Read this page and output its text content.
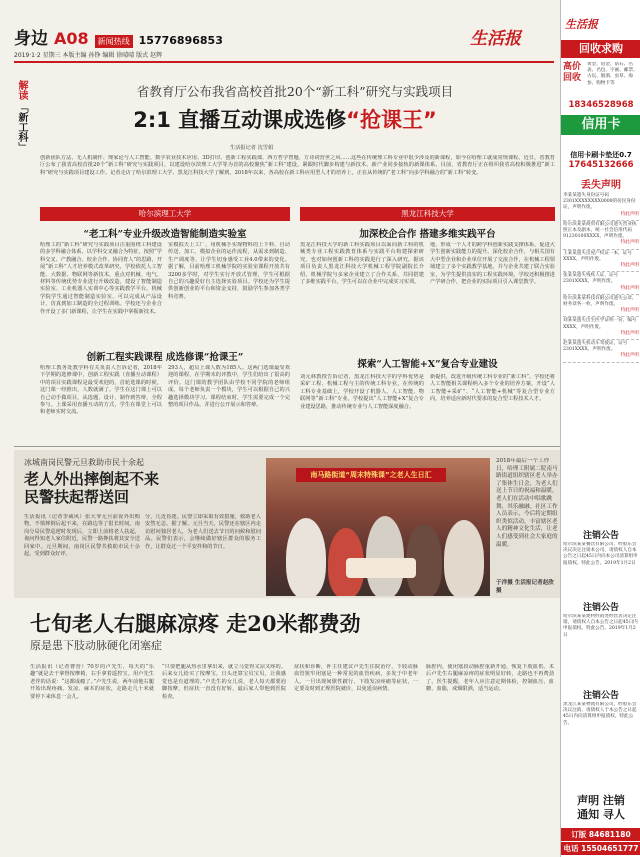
身边 A08	新闻热线 15776896853
2019·1·2 星期三 本版主编 孙铮 编辑 徐晴晴 版式 赵辉
生活报
解读
「新工科」
省教育厅公布我省高校首批20个“新工科”研究与实践项目
2:1 直播互动课成选修“抢课王”
生活报记者 沈雪娟
创新团队方法、无人机制作、理家论与人工智能、数字农业技术应用、3D打印、创新工程实践课、西方哲学智题、方诗词营世之风……这些在传统理工科专业中很少涉及的新课程，如今在哈理工就成常规课程。近日，省教育厅公布了我省高校首批20个“新工科”研究与实践项目，以建设哈尔滨理工大学等为首的高校聚焦“新工科”建设，紧跟时代脚步构建与新技术、新产业同步接轨的新课体系。目前，省教育厅正在组织我省高校积极推进“新工科”研究与实践项目建设工作。记者走访了哈尔滨理工大学、黑龙江科技大学了解到，2018年以来，各高校在新工科应用型人才的培养上，正在从传统的“老工科”向多学科融合的“新工科”转变。
哈尔滨理工大学
“老工科”专业升级改造智能制造实验室
哈理工的“新工科”研究与实践项目注重围绕工科建设的多学科融合体系，以学科交叉融合为特征，按照“学科交叉、产教融合、校企合作、协同育人”的思路，开展“新工科”人才培养模式改革研究。学校依托人工智能、大数据、物联网等新技术，重点对机械、电气、材料等传统优势专业进行升级改造，建设了智能制造实验室、工业机器人实训中心等实践教学平台。机械学院学生通过智能制造实验室，可以完成从产品设计、仿真到加工制造的全过程训练。学校还与企业合作开设了多门新课程，让学生在实践中掌握新技术。
室模拟天上工厂，用机械手实现物料的上下料、自动传送、加工、模拟企业的运作流程，从需求到制造、生产调度等，让学生切身感受工业4.0带来的变化。据了解，目前哈理工机械学院的实验室课程开放共有3200多学时，对学生实行开放式管理，学生可根据自己的兴趣爱好自主选择实验项目。学校还为学生提供创新创业的平台和资金支持，鼓励学生参加各类学科竞赛。
创新工程实践课程 成选修课“抢课王”
哈理工教务处教学科有关负责人告诉记者，2018年下学期的选修课中，创新工程实践（直播互动课程）中的项目实践课程是最受欢迎的，首轮选课的时候，这门课一经推出，人数就满了。学生在这门课上可以自己动手做项目，从选题、设计、制作到答辩，全程参与。上课采用直播互动的方式，学生在课堂上可以和老师实时交流。
293人，超员上课人数为185人。这两门选课最受欢迎的课程，在学期末的评教中，学生们给出了很高的评价。这门课的教学团队由学校不同学院的老师组成，每个老师负责一个模块，学生可以根据自己的兴趣选择模块学习。课程结束时，学生需要完成一个完整的项目作品，并进行公开展示和答辩。
黑龙江科技大学
加深校企合作 搭建多维实践平台
黑龙江科技大学的新工科实践项目以面向新工科的机械类专业工程实践教育体系与实践平台构建探索研究，也对如何创新工科的实践进行了深入研究。据该项目负责人黑龙江科技大学机械工程学院副院长介绍，机械学院与多家企业建立了合作关系，共同搭建了多维实践平台，学生可以在企业中完成实习实训。
地，形成一个人才的跨学科创新实践支撑体系，促进大学生创新实践能力的提升。深化校企合作，与相关国有大中型企业和企业单位开展了交流合作，在机械工程领域建立了多个实践教学基地，并与企业共建了联合实验室，为学生提供真实的工程实践环境。学校还积极推进产学研合作，把企业的实际项目引入课堂教学。
探索“人工智能+X”复合专业建设
刘元林教授告诉记者，黑龙江科技大学的学科优势是采矿工程、机械工程与主的传统工科专业，在传统的工科专业基础上，学校开设了机器人、人工智能、物联网等“新工科”专业。学校提出“人工智能+X”复合专业建设思路，推动传统专业与人工智能深度融合。
新提供，改进升级传统工科专业的“新工科”。学校还将人工智能相关课程纳入多个专业的培养方案，开设“人工智能+采矿”、“人工智能+机械”等复合型专业方向，培养适应新时代要求的复合型工程技术人才。
冰城南岗民警元旦救助市民十余起
老人外出摔倒起不来
民警扶起帮送回
生活报讯（记者李威风）张大爷元旦前夜外出购物，不慎摔倒后起不来，在路边等了很长时间。南岗分局民警巡逻时发现后，立即上前将老人扶起，询问得知老人家住附近，民警一路搀扶将其安全送回家中。元旦期间，南岗区民警共救助市民十余起，受到群众好评。
分，几近昏迷。民警立即采取有效措施，救助老人安然无恙。据了解，元旦当天，民警还在辖区内走访慰问独居老人，为老人们送去节日的问候和慰问品。民警们表示，会继续做好辖区群众的服务工作，让群众过一个平安祥和的节日。
南马路街道“周末特殊课”之老人生日汇
2018年最后一个工作日，哈理工附属二院南马路街道组织辖区老人举办了集体生日会，为老人们送上节日的祝福和温暖。老人们在活动中唱歌跳舞，其乐融融。社区工作人员表示，今后将定期组织类似活动，丰富辖区老人的精神文化生活，让老人们感受到社会大家庭的温暖。
于洋摄 生活报记者赵欣摄
七旬老人右腿麻凉疼 走20米都费劲
原是患下肢动脉硬化闭塞症
生活报讯（记者曹营）70岁的卢先生，每天的“乐趣”就是去干拿督按摩椅，右手拿着遥控宝。用卢先生老伴的话说：“这都成瘾了。”卢先生说，两年前他右腿开始出现疼痛、发凉、麻木的症状，走路走几十米就要停下来休息一会儿。
“只要把腿从热水里拿出来，就立马觉得又凉又疼的。后来女儿给买了按摩宝，日头还算宝贝宝贝，让我感觉也是有道理的。”卢先生的女儿说，老人每天都要泡脚按摩，但症状一直没有好转，最后家人带他到医院检查。
症状和诊断，补主任建议卢先生住院治疗，下肢动脉血管狭窄闭塞是一种常见的血管疾病，多发于中老年人。一旦出现间歇性跛行、下肢发凉疼痛等症状，一定要及时到正规医院就诊，以免延误病情。
脉腔内，使闭塞段动脉腔重新开通，恢复下肢血供。术后卢先生右腿麻凉疼的症状明显好转，走路也不再费劲了。医生提醒，老年人应注意定期体检，控制血压、血糖、血脂，戒烟限酒，适当运动。
生活报
回收求购
高价回收
黄金、铂金、钻石、名表、名包、字画、邮票、古玩、烟酒、虫草、海参、购物卡等
18346528968
信用卡
信用卡刷卡垫还0.7
17645132666
丢失声明
李某某遗失身份证号码2301XXXXXXXX0000的居民身份证，声明作废。
特此声明
哈尔滨某某商贸有限公司遗失营业执照正本及副本，统一社会信用代码91230100XXXX，声明作废。
特此声明
王某某遗失房屋产权证一本，证号XXXX，声明作废。
特此声明
张某某遗失残疾人证，证号2301XXXX，声明作废。
特此声明
哈尔滨某某科技有限公司遗失公章、财务章各一枚，声明作废。
特此声明
刘某某遗失出生医学证明一份，编号XXXX，声明作废。
特此声明
赵某某遗失机动车驾驶证，证号2301XXXX，声明作废。
特此声明
注销公告
哈尔滨某某餐饮有限公司，经股东会决议决定注销本公司，请债权人自本公告之日起45日内向本公司清算组申报债权。特此公告。2019年1月2日
注销公告
哈尔滨某某建材经销处经营者决定注销，请债权人自本公告之日起45日内申报债权。特此公告。2019年1月2日
注销公告
黑龙江某某物流有限公司，经股东会决议注销，请债权人于本公告之日起45日内向清算组申报债权。特此公告。
声明 注销
通知 寻人
订版 84681180
电话 15504651777
